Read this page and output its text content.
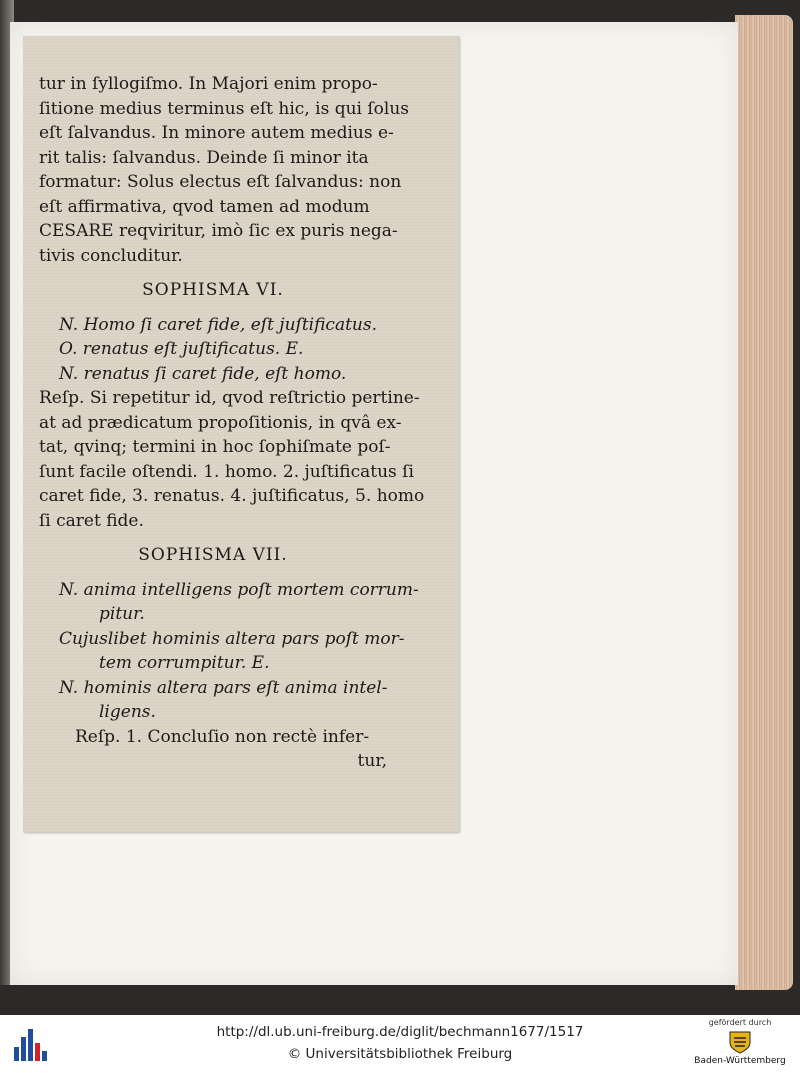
tur in ſyllogiſmo. In Majori enim propo-
ſitione medius terminus eſt hic, is qui ſolus
eſt ſalvandus. In minore autem medius e-
rit talis: ſalvandus. Deinde ſi minor ita
formatur: Solus electus eſt ſalvandus: non
eſt affirmativa, qvod tamen ad modum
CESARE reqviritur, imò ſic ex puris nega-
tivis concluditur.
SOPHISMA VI.
N. Homo ſi caret fide, eſt juſtificatus.
O. renatus eſt juſtificatus. E.
N. renatus ſi caret fide, eſt homo.
Reſp. Si repetitur id, qvod reſtrictio pertine-
at ad prædicatum propoſitionis, in qvâ ex-
tat, qvinq; termini in hoc ſophiſmate poſ-
ſunt facile oſtendi. 1. homo. 2. juſtificatus ſi
caret fide, 3. renatus. 4. juſtificatus, 5. homo
ſi caret fide.
SOPHISMA VII.
N. anima intelligens poſt mortem corrum-
pitur.
Cujuslibet hominis altera pars poſt mor-
tem corrumpitur. E.
N. hominis altera pars eſt anima intel-
ligens.
Reſp. 1. Concluſio non rectè infer-
tur,
http://dl.ub.uni-freiburg.de/diglit/bechmann1677/1517
© Universitätsbibliothek Freiburg
gefördert durch
Baden-Württemberg
